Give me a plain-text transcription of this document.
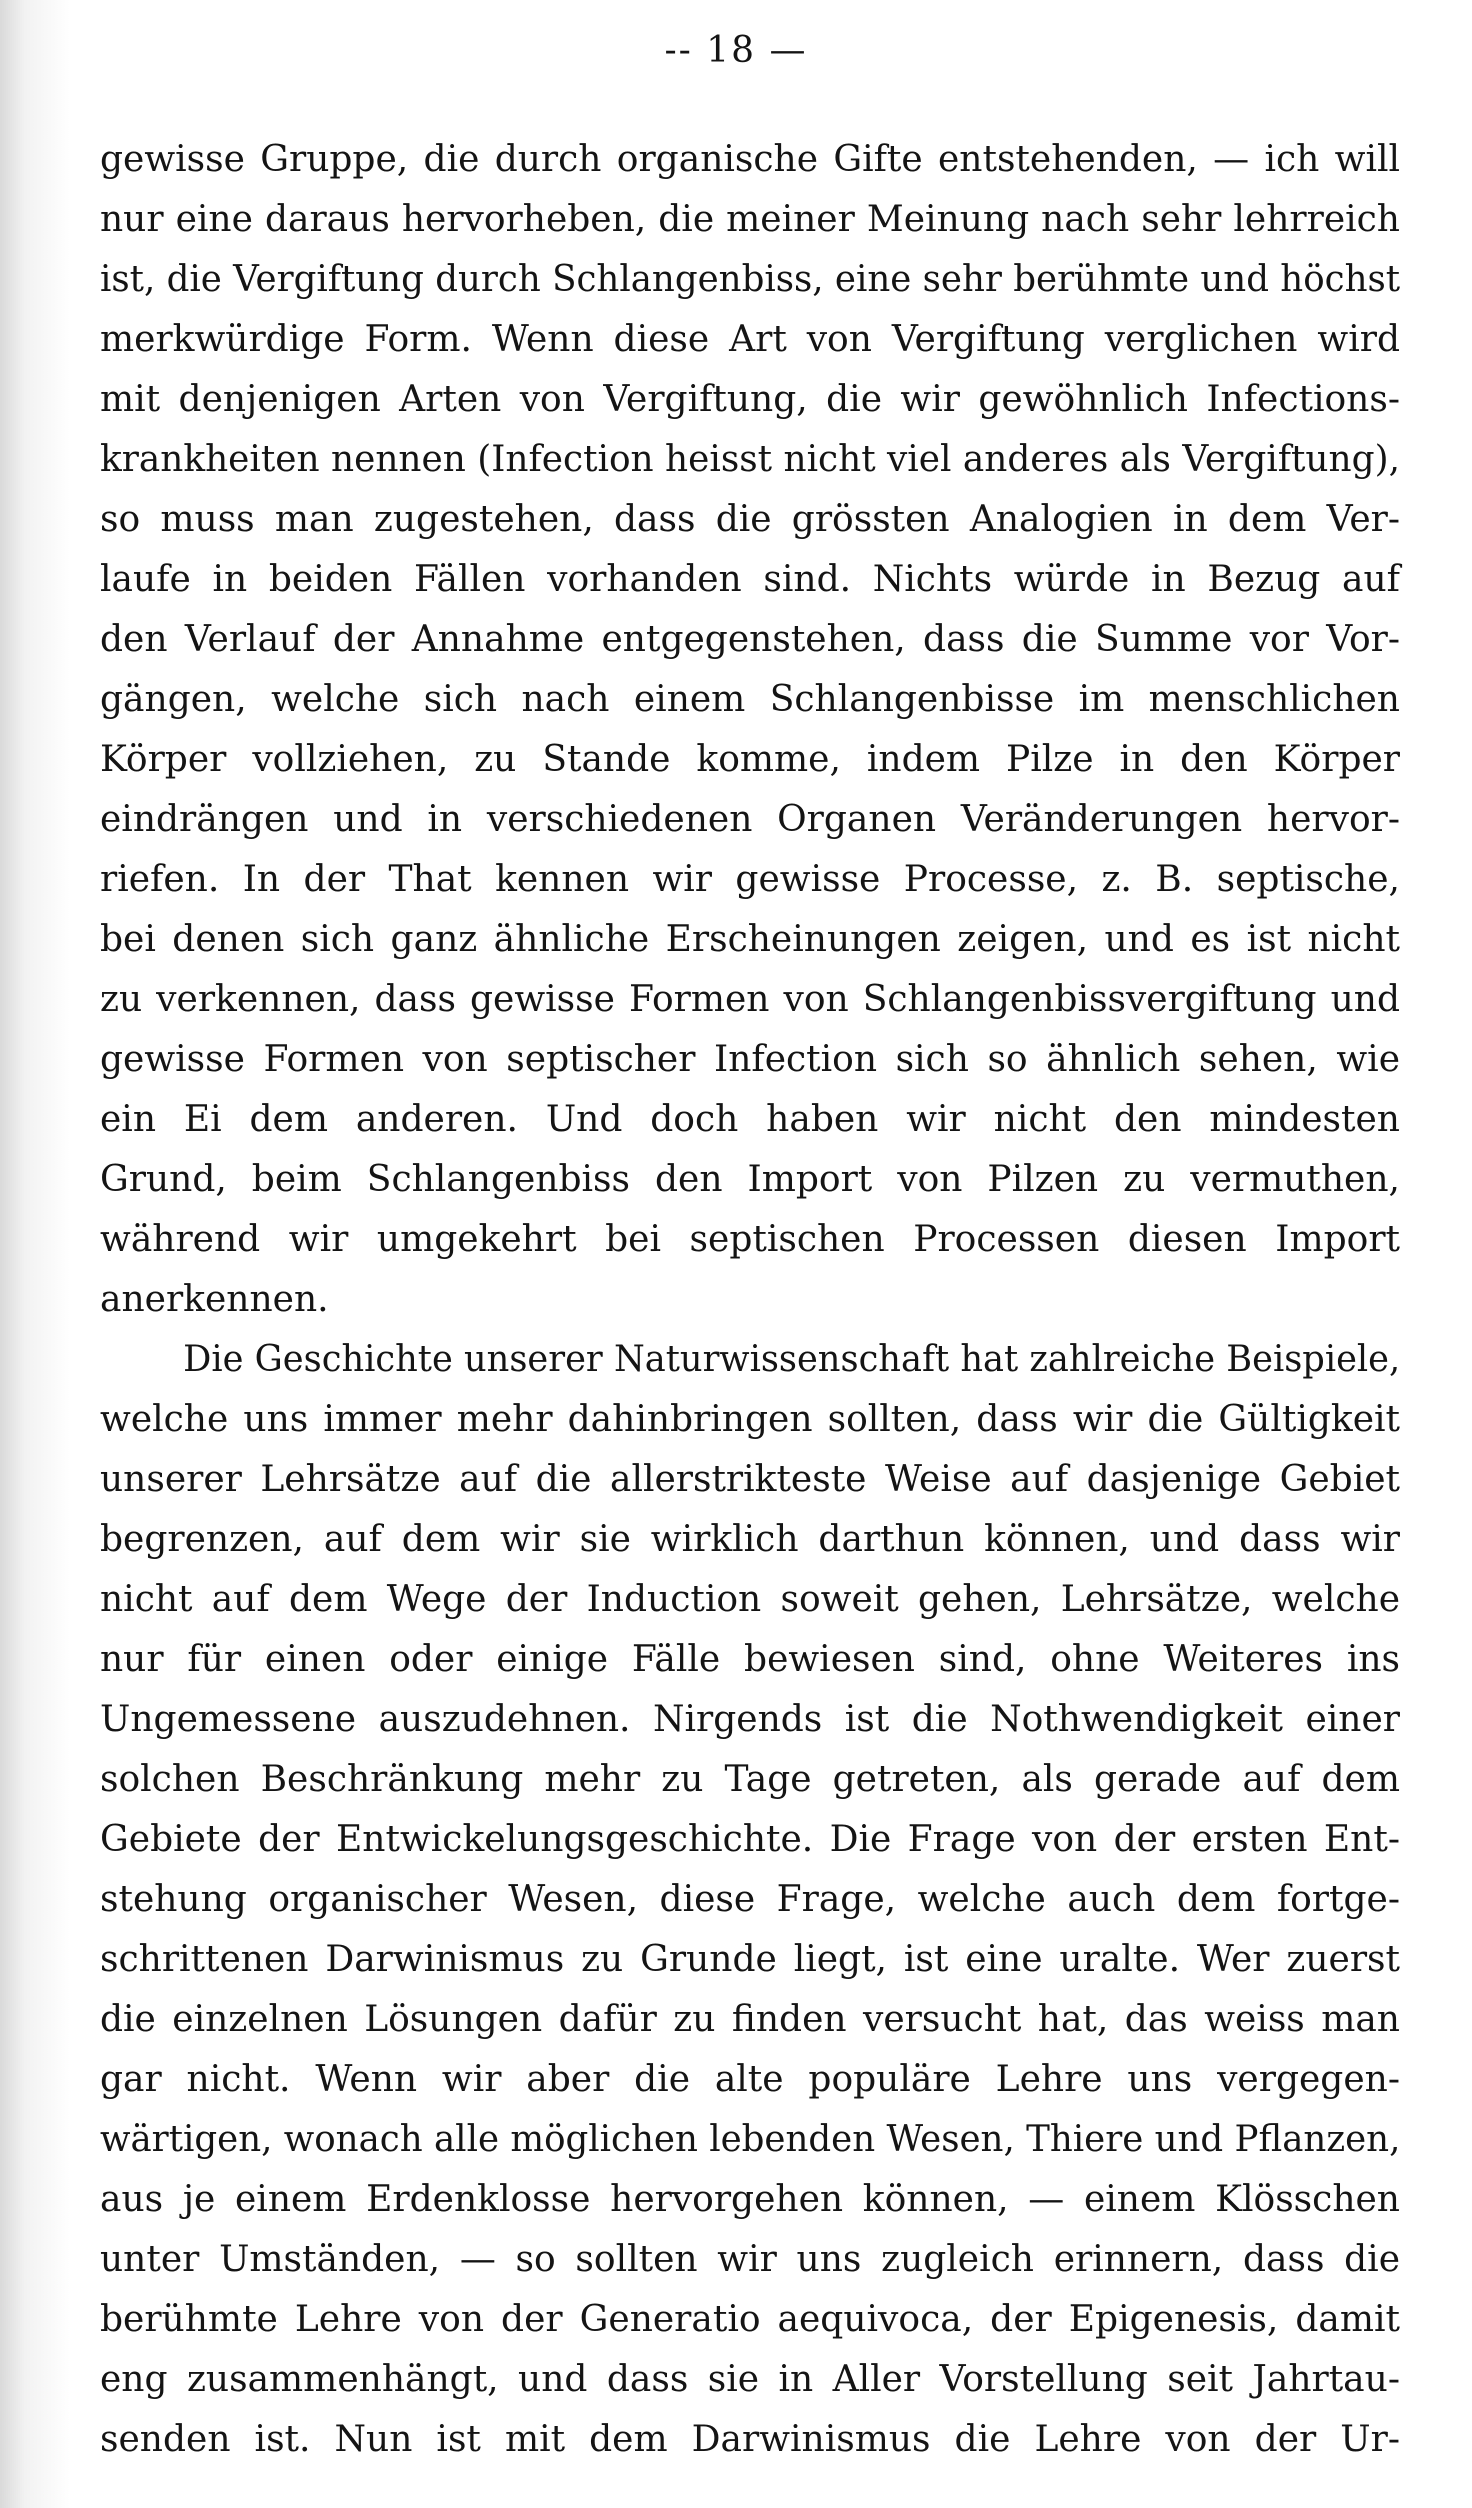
-- 18 —
gewisse Gruppe, die durch organische Gifte entstehenden, — ich will
nur eine daraus hervorheben, die meiner Meinung nach sehr lehrreich
ist, die Vergiftung durch Schlangenbiss, eine sehr berühmte und höchst
merkwürdige Form. Wenn diese Art von Vergiftung verglichen wird
mit denjenigen Arten von Vergiftung, die wir gewöhnlich Infections-
krankheiten nennen (Infection heisst nicht viel anderes als Vergiftung),
so muss man zugestehen, dass die grössten Analogien in dem Ver-
laufe in beiden Fällen vorhanden sind. Nichts würde in Bezug auf
den Verlauf der Annahme entgegenstehen, dass die Summe vor Vor-
gängen, welche sich nach einem Schlangenbisse im menschlichen
Körper vollziehen, zu Stande komme, indem Pilze in den Körper
eindrängen und in verschiedenen Organen Veränderungen hervor-
riefen. In der That kennen wir gewisse Processe, z. B. septische,
bei denen sich ganz ähnliche Erscheinungen zeigen, und es ist nicht
zu verkennen, dass gewisse Formen von Schlangenbissvergiftung und
gewisse Formen von septischer Infection sich so ähnlich sehen, wie
ein Ei dem anderen. Und doch haben wir nicht den mindesten
Grund, beim Schlangenbiss den Import von Pilzen zu vermuthen,
während wir umgekehrt bei septischen Processen diesen Import
anerkennen.
Die Geschichte unserer Naturwissenschaft hat zahlreiche Beispiele,
welche uns immer mehr dahinbringen sollten, dass wir die Gültigkeit
unserer Lehrsätze auf die allerstrikteste Weise auf dasjenige Gebiet
begrenzen, auf dem wir sie wirklich darthun können, und dass wir
nicht auf dem Wege der Induction soweit gehen, Lehrsätze, welche
nur für einen oder einige Fälle bewiesen sind, ohne Weiteres ins
Ungemessene auszudehnen. Nirgends ist die Nothwendigkeit einer
solchen Beschränkung mehr zu Tage getreten, als gerade auf dem
Gebiete der Entwickelungsgeschichte. Die Frage von der ersten Ent-
stehung organischer Wesen, diese Frage, welche auch dem fortge-
schrittenen Darwinismus zu Grunde liegt, ist eine uralte. Wer zuerst
die einzelnen Lösungen dafür zu finden versucht hat, das weiss man
gar nicht. Wenn wir aber die alte populäre Lehre uns vergegen-
wärtigen, wonach alle möglichen lebenden Wesen, Thiere und Pflanzen,
aus je einem Erdenklosse hervorgehen können, — einem Klösschen
unter Umständen, — so sollten wir uns zugleich erinnern, dass die
berühmte Lehre von der Generatio aequivoca, der Epigenesis, damit
eng zusammenhängt, und dass sie in Aller Vorstellung seit Jahrtau-
senden ist. Nun ist mit dem Darwinismus die Lehre von der Ur-
